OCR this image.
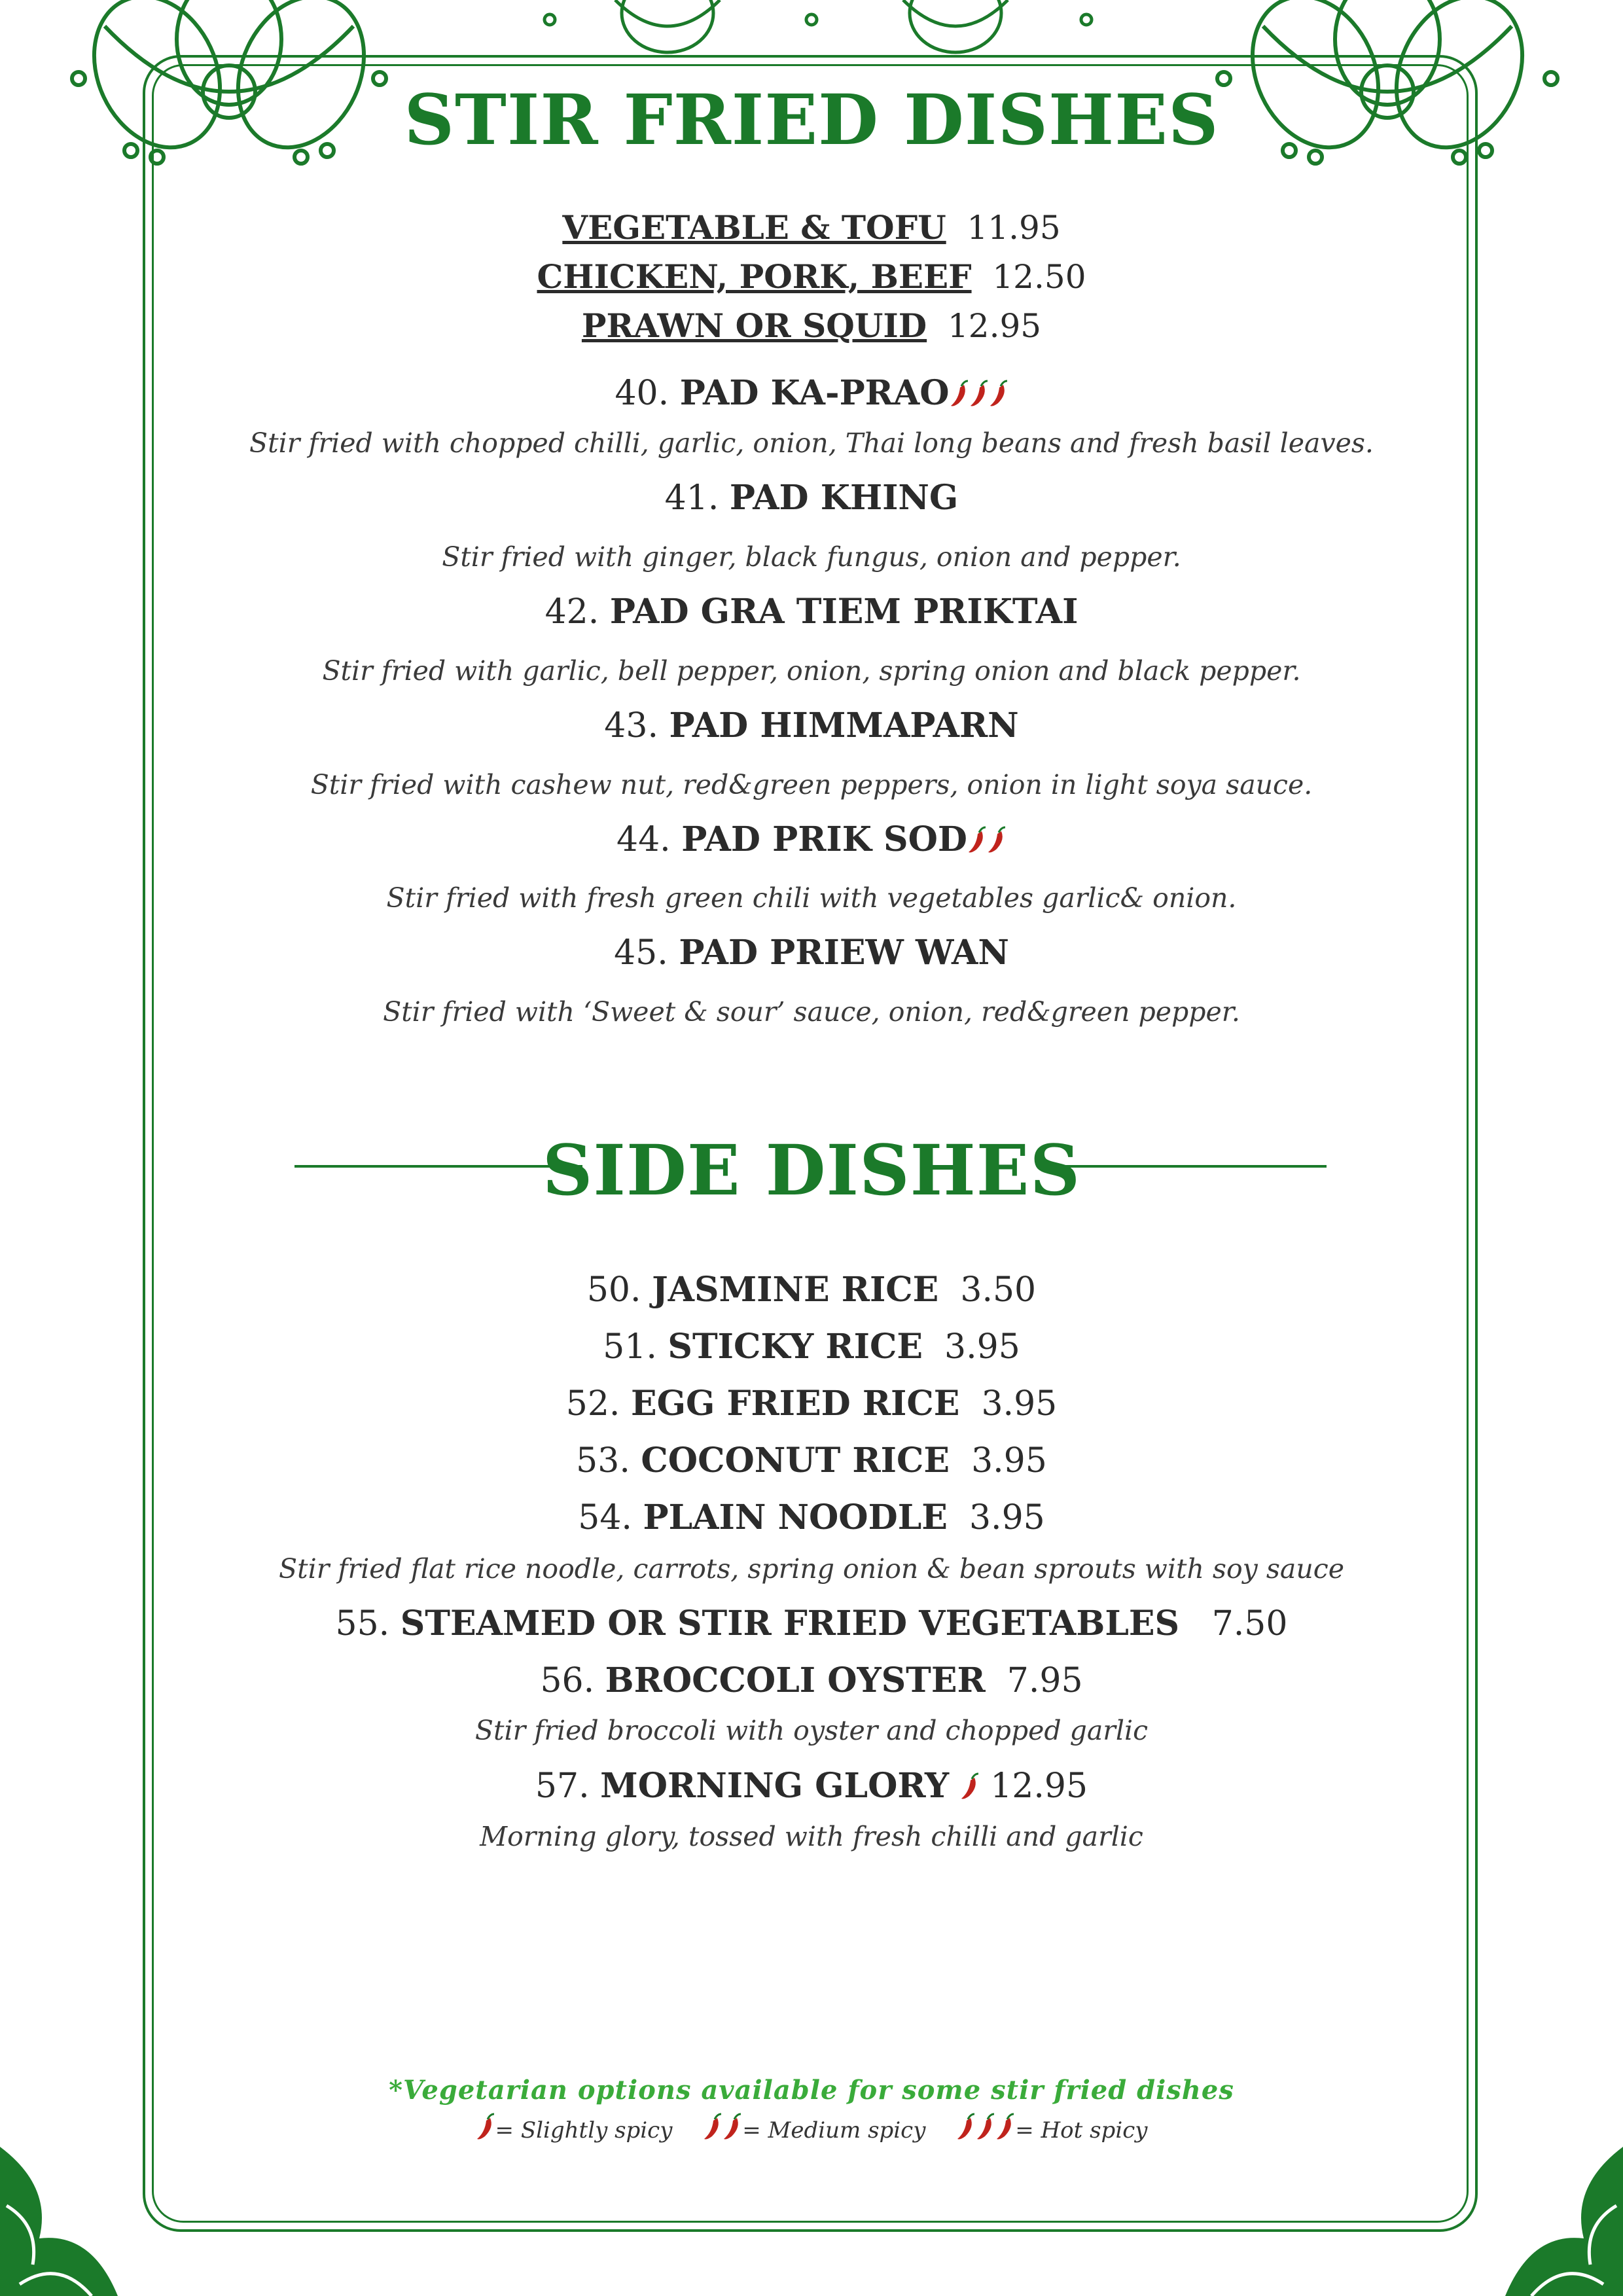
STIR FRIED DISHES
VEGETABLE & TOFU 11.95
CHICKEN, PORK, BEEF 12.50
PRAWN OR SQUID 12.95
40. PAD KA-PRAO
Stir fried with chopped chilli, garlic, onion, Thai long beans and fresh basil leaves.
41. PAD KHING
Stir fried with ginger, black fungus, onion and pepper.
42. PAD GRA TIEM PRIKTAI
Stir fried with garlic, bell pepper, onion, spring onion and black pepper.
43. PAD HIMMAPARN
Stir fried with cashew nut, red&green peppers, onion in light soya sauce.
44. PAD PRIK SOD
Stir fried with fresh green chili with vegetables garlic& onion.
45. PAD PRIEW WAN
Stir fried with ‘Sweet & sour’ sauce, onion, red&green pepper.
SIDE DISHES
50. JASMINE RICE 3.50
51. STICKY RICE 3.95
52. EGG FRIED RICE 3.95
53. COCONUT RICE 3.95
54. PLAIN NOODLE 3.95
Stir fried flat rice noodle, carrots, spring onion & bean sprouts with soy sauce
55. STEAMED OR STIR FRIED VEGETABLES 7.50
56. BROCCOLI OYSTER 7.95
Stir fried broccoli with oyster and chopped garlic
57. MORNING GLORY 12.95
Morning glory, tossed with fresh chilli and garlic
*Vegetarian options available for some stir fried dishes
= Slightly spicy	= Medium spicy	= Hot spicy
